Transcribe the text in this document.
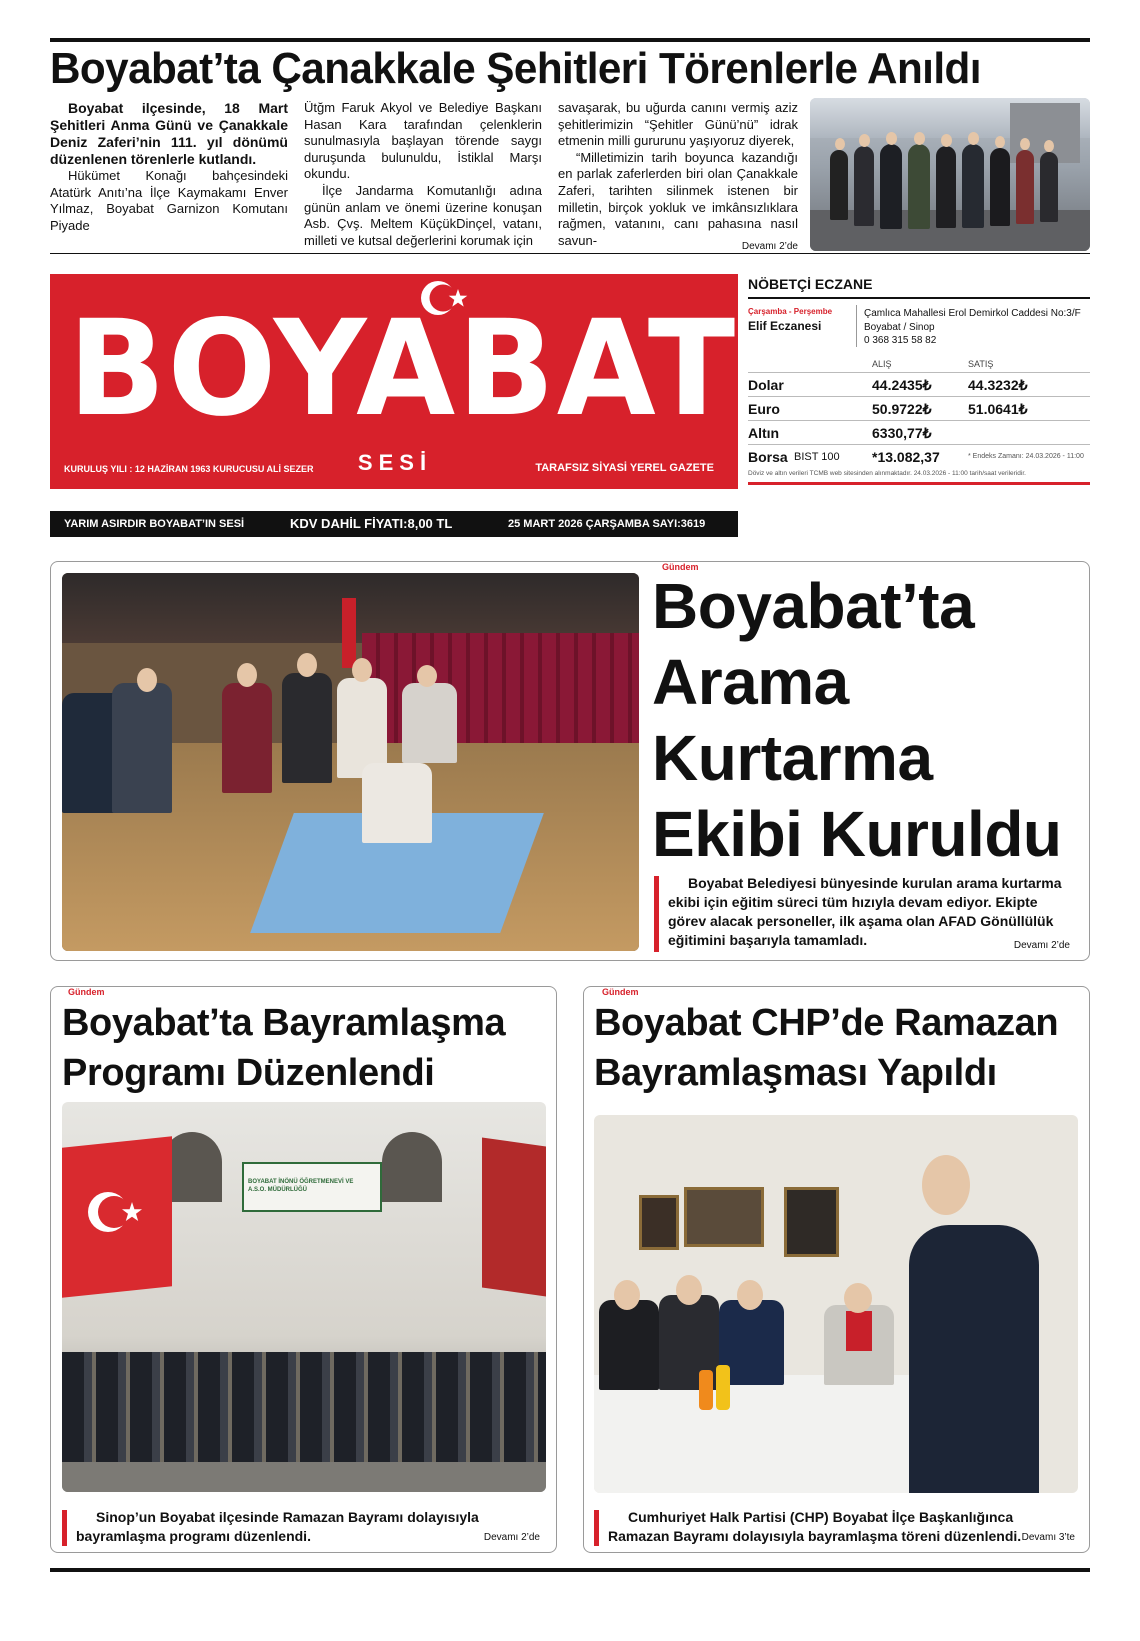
Boyabat’ta Çanakkale Şehitleri Törenlerle Anıldı

Boyabat ilçesinde, 18 Mart Şehitleri Anma Günü ve Çanakkale Deniz Zaferi’nin 111. yıl dönümü düzenlenen törenlerle kutlandı.

Hükümet Konağı bahçesindeki Atatürk Anıtı’na İlçe Kaymakamı Enver Yılmaz, Boyabat Garnizon Komutanı Piyade

Ütğm Faruk Akyol ve Belediye Başkanı Hasan Kara tarafından çelenklerin sunulmasıyla başlayan törende saygı duruşunda bulunuldu, İstiklal Marşı okundu.

İlçe Jandarma Komutanlığı adına günün anlam ve önemi üzerine konuşan Asb. Çvş. Meltem KüçükDinçel, vatanı, milleti ve kutsal değerlerini korumak için

savaşarak, bu uğurda canını vermiş aziz şehitlerimizin “Şehitler Günü’nü” idrak etmenin milli gururunu yaşıyoruz diyerek,

“Milletimizin tarih boyunca kazandığı en parlak zaferlerden biri olan Çanakkale Zaferi, tarihten silinmek istenen bir milletin, birçok yokluk ve imkânsızlıklara rağmen, vatanını, canı pahasına nasıl savun-	Devamı 2’de
BOYABAT
SESİ
KURULUŞ YILI : 12 HAZİRAN 1963 KURUCUSU ALİ SEZER	TARAFSIZ SİYASİ YEREL GAZETE
YARIM ASIRDIR BOYABAT’IN SESİ	KDV DAHİL FİYATI:8,00 TL	25 MART 2026 ÇARŞAMBA SAYI:3619
NÖBETÇİ ECZANE
Çarşamba - Perşembe
Elif Eczanesi
Çamlıca Mahallesi Erol Demirkol Caddesi No:3/F
Boyabat / Sinop
0 368 315 58 82
ALIŞ	SATIŞ
Dolar	44.2435₺	44.3232₺
Euro	50.9722₺	51.0641₺
Altın	6330,77₺
Borsa BIST 100 *13.082,37	* Endeks Zamanı: 24.03.2026 - 11:00
Döviz ve altın verileri TCMB web sitesinden alınmaktadır. 24.03.2026 - 11:00 tarih/saat verileridir.
Gündem
Boyabat’ta
Arama
Kurtarma
Ekibi Kuruldu
Boyabat Belediyesi bünyesinde kurulan arama kurtarma ekibi için eğitim süreci tüm hızıyla devam ediyor. Ekipte görev alacak personeller, ilk aşama olan AFAD Gönüllülük eğitimini başarıyla tamamladı.	Devamı 2’de
Gündem
Boyabat’ta Bayramlaşma
Programı Düzenlendi
BOYABAT İNÖNÜ ÖĞRETMENEVİ VE
A.S.O. MÜDÜRLÜĞÜ
Sinop’un Boyabat ilçesinde Ramazan Bayramı dolayısıyla bayramlaşma programı düzenlendi.	Devamı 2’de
Gündem
Boyabat CHP’de Ramazan
Bayramlaşması Yapıldı
Cumhuriyet Halk Partisi (CHP) Boyabat İlçe Başkanlığınca Ramazan Bayramı dolayısıyla bayramlaşma töreni düzenlendi. Devamı 3’te
